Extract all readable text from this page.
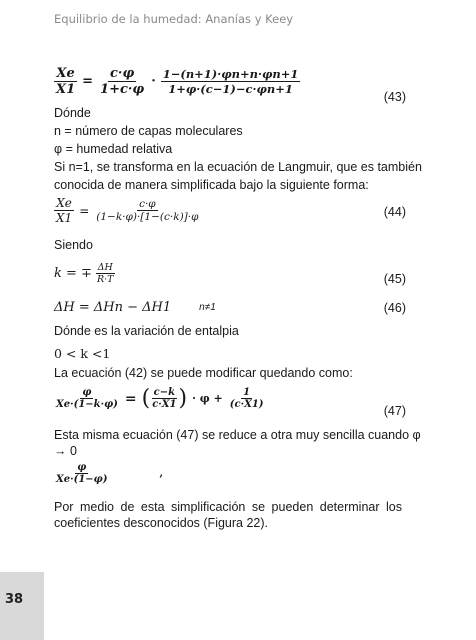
Equilibrio de la humedad: Ananías y Keey
$\frac{Xe}{X1} = \frac{c\cdot\varphi}{1+c\cdot\varphi} \cdot \frac{1-(n+1)\cdot\varphi n+n\cdot\varphi n+1}{1+\varphi\cdot(c-1)-c\cdot\varphi n+1}$
(43)
Dónde
n = número de capas moleculares
φ = humedad relativa
Si n=1, se transforma en la ecuación de Langmuir, que es también
conocida de manera simplificada bajo la siguiente forma:
$\frac{Xe}{X1} = \frac{c\cdot\varphi}{(1-k\cdot\varphi)\cdot[1-(c\cdot k)]\cdot\varphi}$	(44)
Siendo
k = ∓ $\frac{\Delta H}{R\cdot T}$	(45)
ΔH = ΔHn − ΔH1	n≠1	(46)
Dónde es la variación de entalpia
0 < k <1
La ecuación (42) se puede modificar quedando como:
$\frac{\varphi}{Xe\cdot(1-k\cdot\varphi)}$ = ( $\frac{c-k}{c\cdot X1}$ ) · $\varphi + \frac{1}{(c\cdot X1)}$
(47)
Esta misma ecuación (47) se reduce a otra muy sencilla cuando φ
→ 0
$\frac{\varphi}{Xe\cdot(1-\varphi)}$	,
Por medio de esta simplificación se pueden determinar los
coeficientes desconocidos (Figura 22).
38
